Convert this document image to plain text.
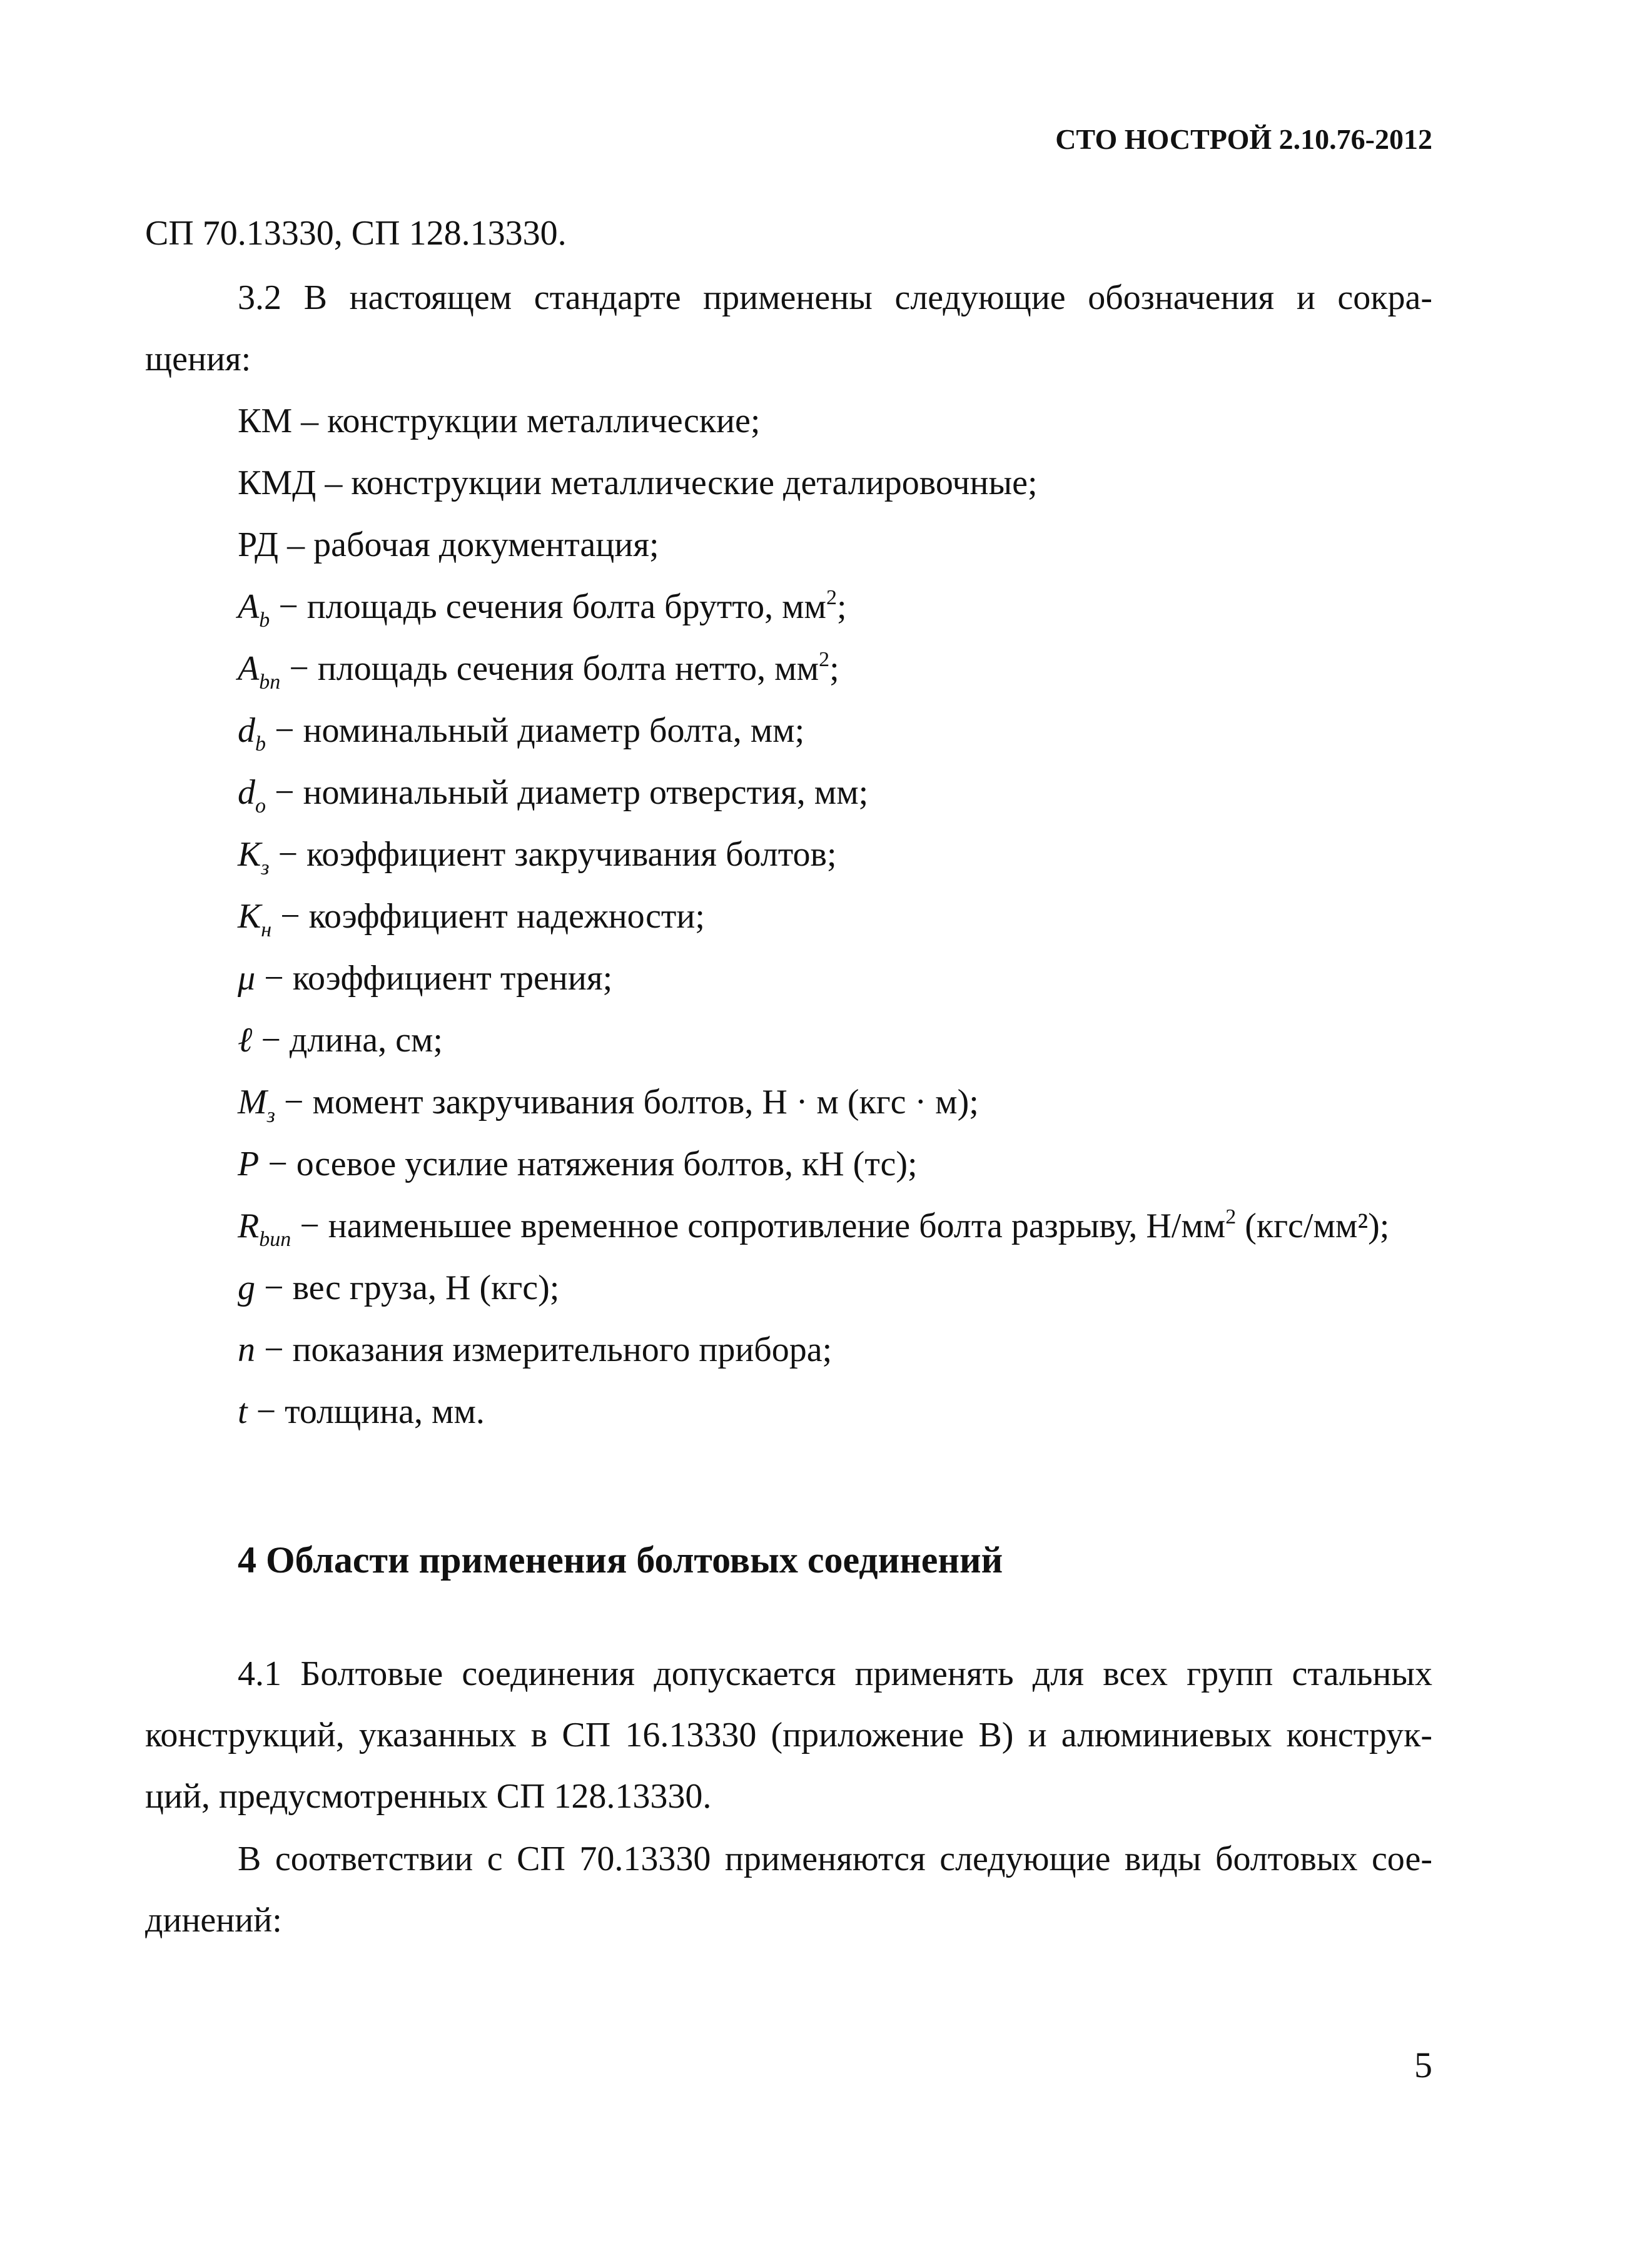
СТО НОСТРОЙ 2.10.76-2012
СП 70.13330, СП 128.13330.
3.2 В настоящем стандарте применены следующие обозначения и сокра-
щения:
КМ – конструкции металлические;
КМД – конструкции металлические деталировочные;
РД – рабочая документация;
$A_b$ − площадь сечения болта брутто, $мм^2$;
$A_{bn}$ − площадь сечения болта нетто, $мм^2$;
$d_b$ − номинальный диаметр болта, мм;
$d_o$ − номинальный диаметр отверстия, мм;
$К_з$ − коэффициент закручивания болтов;
$К_н$ − коэффициент надежности;
μ − коэффициент трения;
ℓ − длина, см;
$М_з$ − момент закручивания болтов, Н · м (кгс · м);
P − осевое усилие натяжения болтов, кН (тс);
$R_{bun}$ − наименьшее временное сопротивление болта разрыву, $Н/мм^2$ (кгс/мм²);
g − вес груза, Н (кгс);
n − показания измерительного прибора;
t − толщина, мм.
4 Области применения болтовых соединений
4.1 Болтовые соединения допускается применять для всех групп стальных
конструкций, указанных в СП 16.13330 (приложение В) и алюминиевых конструк-
ций, предусмотренных СП 128.13330.
В соответствии с СП 70.13330 применяются следующие виды болтовых сое-
динений:
5
